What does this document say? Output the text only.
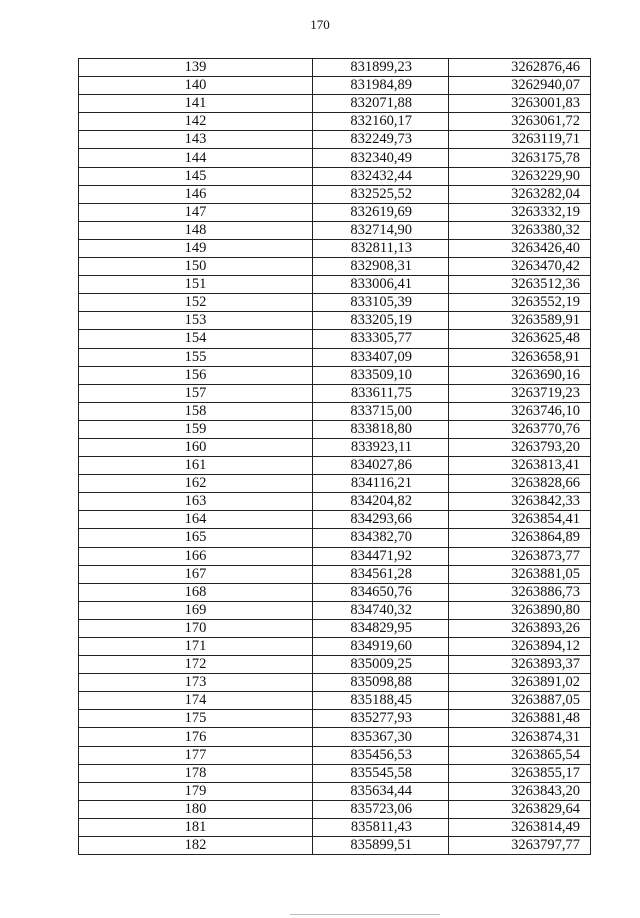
170
139	831899,23	3262876,46
140	831984,89	3262940,07
141	832071,88	3263001,83
142	832160,17	3263061,72
143	832249,73	3263119,71
144	832340,49	3263175,78
145	832432,44	3263229,90
146	832525,52	3263282,04
147	832619,69	3263332,19
148	832714,90	3263380,32
149	832811,13	3263426,40
150	832908,31	3263470,42
151	833006,41	3263512,36
152	833105,39	3263552,19
153	833205,19	3263589,91
154	833305,77	3263625,48
155	833407,09	3263658,91
156	833509,10	3263690,16
157	833611,75	3263719,23
158	833715,00	3263746,10
159	833818,80	3263770,76
160	833923,11	3263793,20
161	834027,86	3263813,41
162	834116,21	3263828,66
163	834204,82	3263842,33
164	834293,66	3263854,41
165	834382,70	3263864,89
166	834471,92	3263873,77
167	834561,28	3263881,05
168	834650,76	3263886,73
169	834740,32	3263890,80
170	834829,95	3263893,26
171	834919,60	3263894,12
172	835009,25	3263893,37
173	835098,88	3263891,02
174	835188,45	3263887,05
175	835277,93	3263881,48
176	835367,30	3263874,31
177	835456,53	3263865,54
178	835545,58	3263855,17
179	835634,44	3263843,20
180	835723,06	3263829,64
181	835811,43	3263814,49
182	835899,51	3263797,77
